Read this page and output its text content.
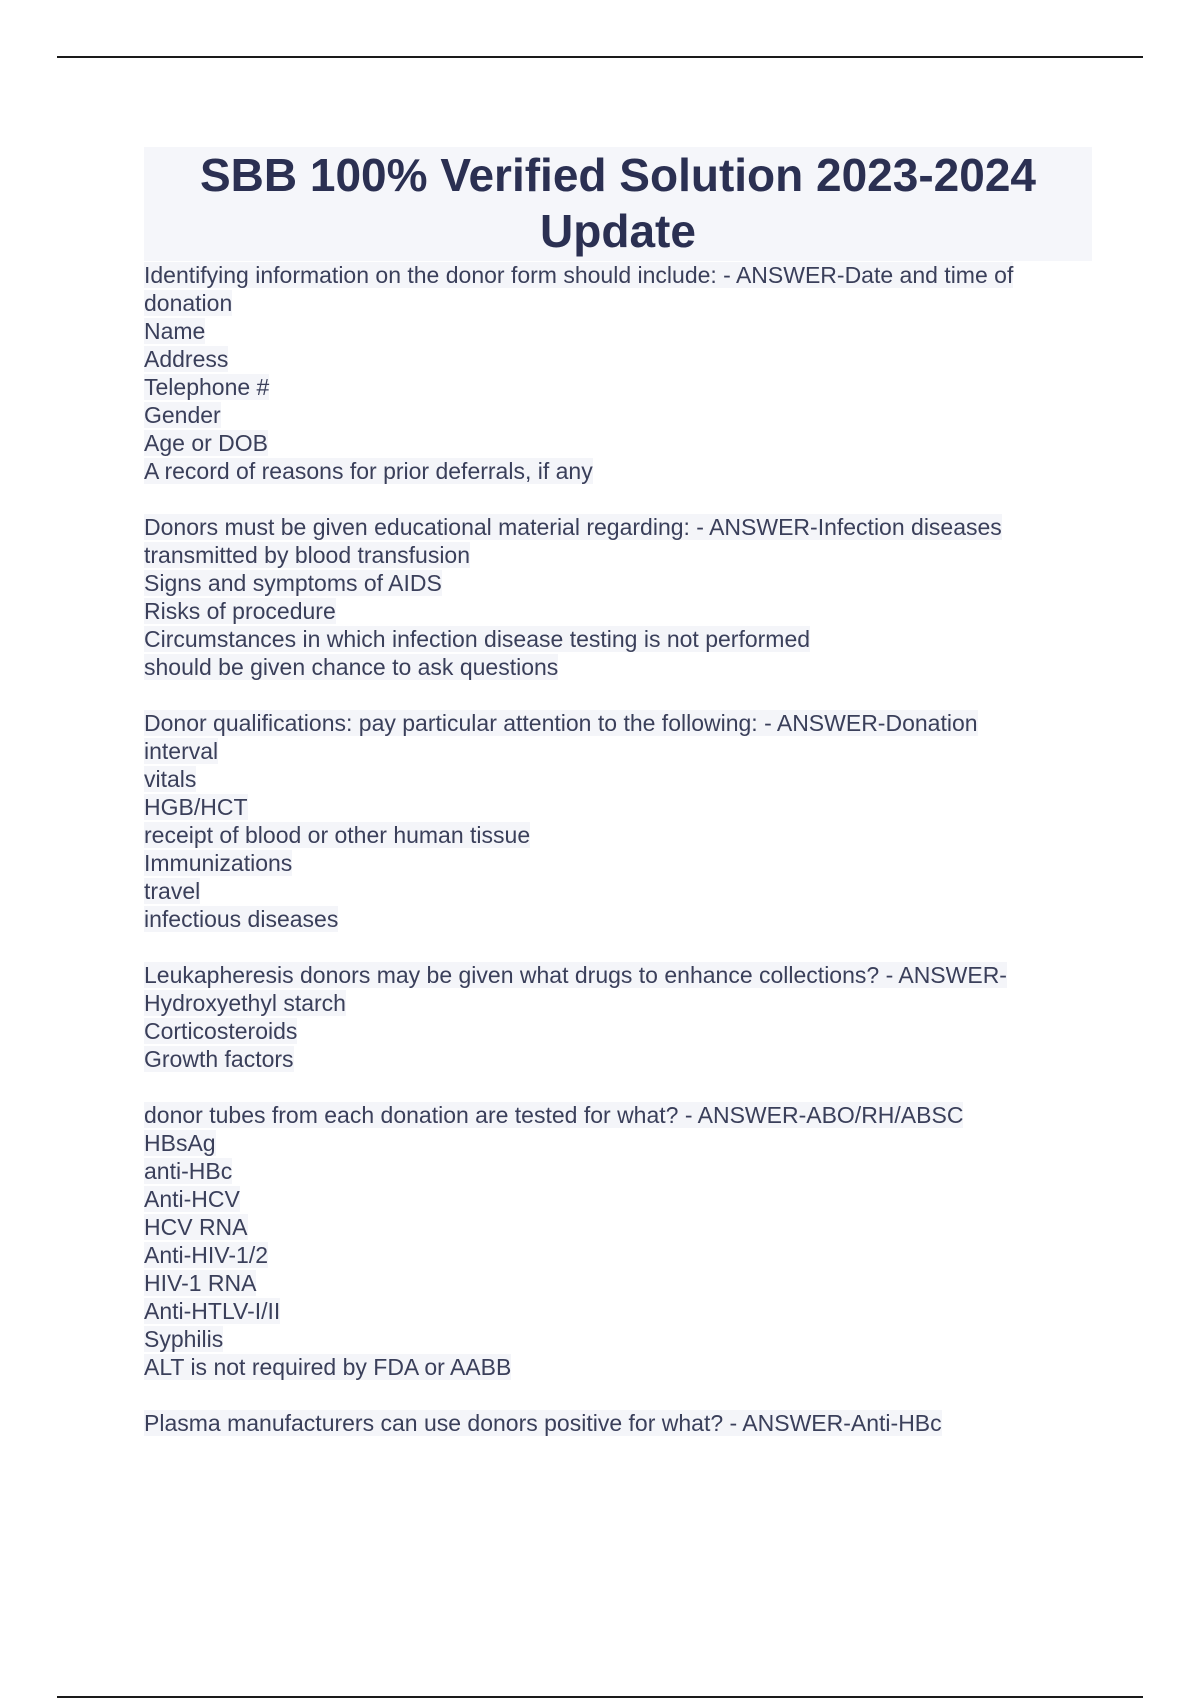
SBB 100% Verified Solution 2023-2024
Update
Identifying information on the donor form should include: - ANSWER-Date and time of
donation
Name
Address
Telephone #
Gender
Age or DOB
A record of reasons for prior deferrals, if any
Donors must be given educational material regarding: - ANSWER-Infection diseases
transmitted by blood transfusion
Signs and symptoms of AIDS
Risks of procedure
Circumstances in which infection disease testing is not performed
should be given chance to ask questions
Donor qualifications: pay particular attention to the following: - ANSWER-Donation
interval
vitals
HGB/HCT
receipt of blood or other human tissue
Immunizations
travel
infectious diseases
Leukapheresis donors may be given what drugs to enhance collections? - ANSWER-
Hydroxyethyl starch
Corticosteroids
Growth factors
donor tubes from each donation are tested for what? - ANSWER-ABO/RH/ABSC
HBsAg
anti-HBc
Anti-HCV
HCV RNA
Anti-HIV-1/2
HIV-1 RNA
Anti-HTLV-I/II
Syphilis
ALT is not required by FDA or AABB
Plasma manufacturers can use donors positive for what? - ANSWER-Anti-HBc
